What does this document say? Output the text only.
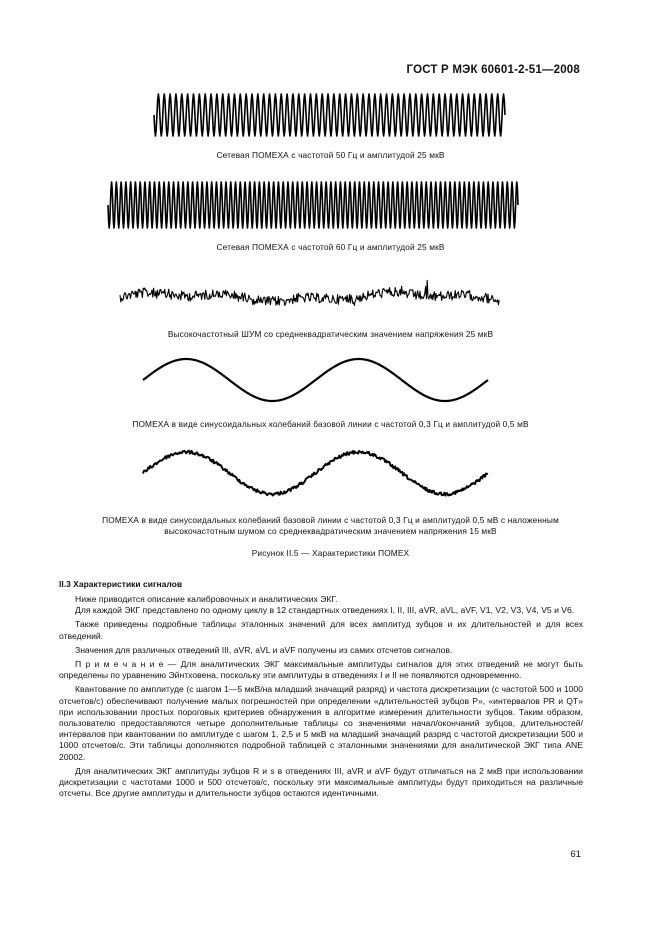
ГОСТ Р МЭК 60601-2-51—2008
Сетевая ПОМЕХА с частотой 50 Гц и амплитудой 25 мкВ
Сетевая ПОМЕХА с частотой 60 Гц и амплитудой 25 мкВ
Высокочастотный ШУМ со среднеквадратическим значением напряжения 25 мкВ
ПОМЕХА в виде синусоидальных колебаний базовой линии с частотой 0,3 Гц и амплитудой 0,5 мВ
ПОМЕХА в виде синусоидальных колебаний базовой линии с частотой 0,3 Гц и амплитудой 0,5 мВ с наложенным
высокочастотным шумом со среднеквадратическим значением напряжения 15 мкВ
Рисунок II.5 — Характеристики ПОМЕХ
II.3 Характеристики сигналов

Ниже приводится описание калибровочных и аналитических ЭКГ.

Для каждой ЭКГ представлено по одному циклу в 12 стандартных отведениях I, II, III, aVR, aVL, aVF, V1, V2, V3, V4, V5 и V6.

Также приведены подробные таблицы эталонных значений для всех амплитуд зубцов и их длительностей и для всех отведений.

Значения для различных отведений III, aVR, aVL и aVF получены из самих отсчетов сигналов.

П р и м е ч а н и е — Для аналитических ЭКГ максимальные амплитуды сигналов для этих отведений не могут быть определены по уравнению Эйнтховена, поскольку эти амплитуды в отведениях I и II не появляются одновременно.

Квантование по амплитуде (с шагом 1—5 мкВ/на младший значащий разряд) и частота дискретизации (с частотой 500 и 1000 отсчетов/с) обеспечивают получение малых погрешностей при определении «длительностей зубцов P», «интервалов PR и QT» при использовании простых пороговых критериев обнаружения в алгоритме измерения длительности зубцов. Таким образом, пользователю предоставляются четыре дополнительные таблицы со значениями начал/окончаний зубцов, длительностей/интервалов при квантовании по амплитуде с шагом 1, 2,5 и 5 мкВ на младший значащий разряд с частотой дискретизации 500 и 1000 отсчетов/с. Эти таблицы дополняются подробной таблицей с эталонными значениями для аналитической ЭКГ типа ANE 20002.

Для аналитических ЭКГ амплитуды зубцов R и s в отведениях III, aVR и aVF будут отличаться на 2 мкВ при использовании дискретизации с частотами 1000 и 500 отсчетов/с, поскольку эти максимальные амплитуды будут приходиться на различные отсчеты. Все другие амплитуды и длительности зубцов остаются идентичными.

61
